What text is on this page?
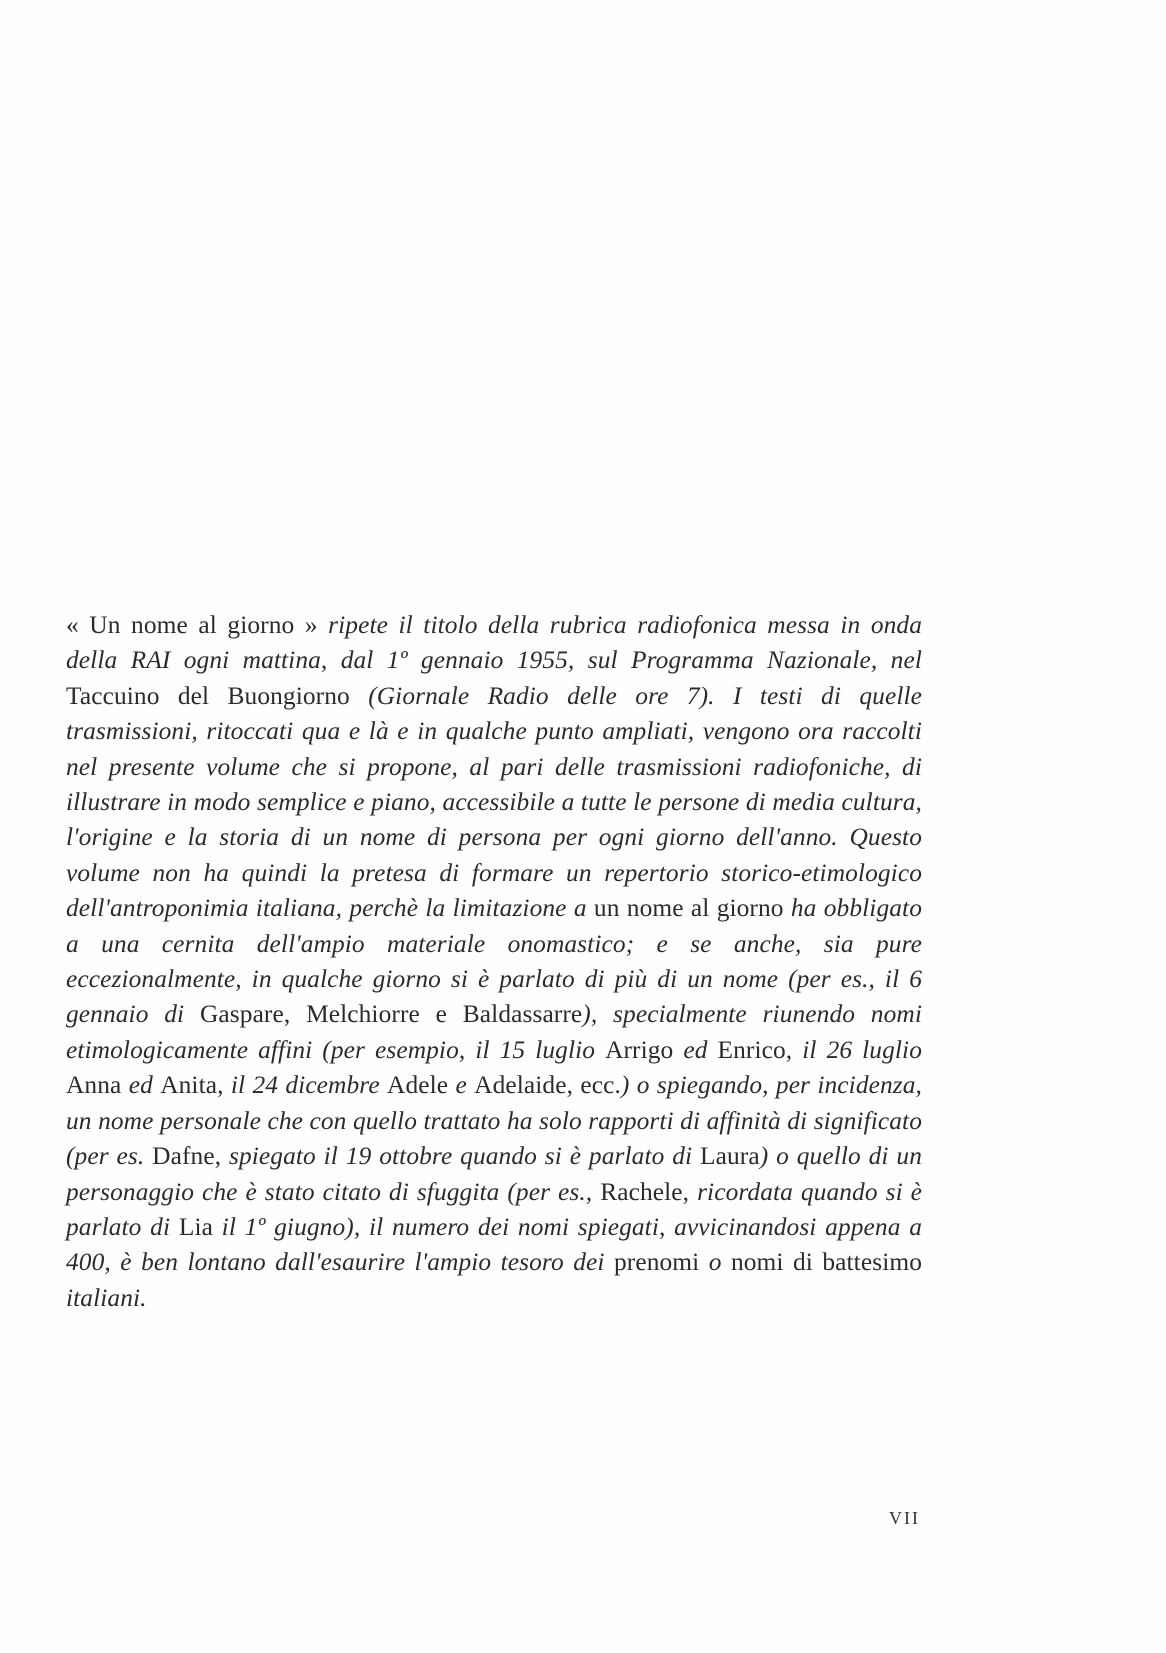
« Un nome al giorno » ripete il titolo della rubrica radiofonica messa in onda della RAI ogni mattina, dal 1º gennaio 1955, sul Programma Nazionale, nel Taccuino del Buongiorno (Giornale Radio delle ore 7). I testi di quelle trasmissioni, ritoccati qua e là e in qualche punto ampliati, vengono ora raccolti nel presente volume che si propone, al pari delle trasmissioni radiofoniche, di illustrare in modo semplice e piano, accessibile a tutte le persone di media cultura, l'origine e la storia di un nome di persona per ogni giorno dell'anno. Questo volume non ha quindi la pretesa di formare un repertorio storico-etimologico dell'antroponimia italiana, perchè la limitazione a un nome al giorno ha obbligato a una cernita dell'ampio materiale onomastico; e se anche, sia pure eccezionalmente, in qualche giorno si è parlato di più di un nome (per es., il 6 gennaio di Gaspare, Melchiorre e Baldassarre), specialmente riunendo nomi etimologicamente affini (per esempio, il 15 luglio Arrigo ed Enrico, il 26 luglio Anna ed Anita, il 24 dicembre Adele e Adelaide, ecc.) o spiegando, per incidenza, un nome personale che con quello trattato ha solo rapporti di affinità di significato (per es. Dafne, spiegato il 19 ottobre quando si è parlato di Laura) o quello di un personaggio che è stato citato di sfuggita (per es., Rachele, ricordata quando si è parlato di Lia il 1º giugno), il numero dei nomi spiegati, avvicinandosi appena a 400, è ben lontano dall'esaurire l'ampio tesoro dei prenomi o nomi di battesimo italiani.
VII
